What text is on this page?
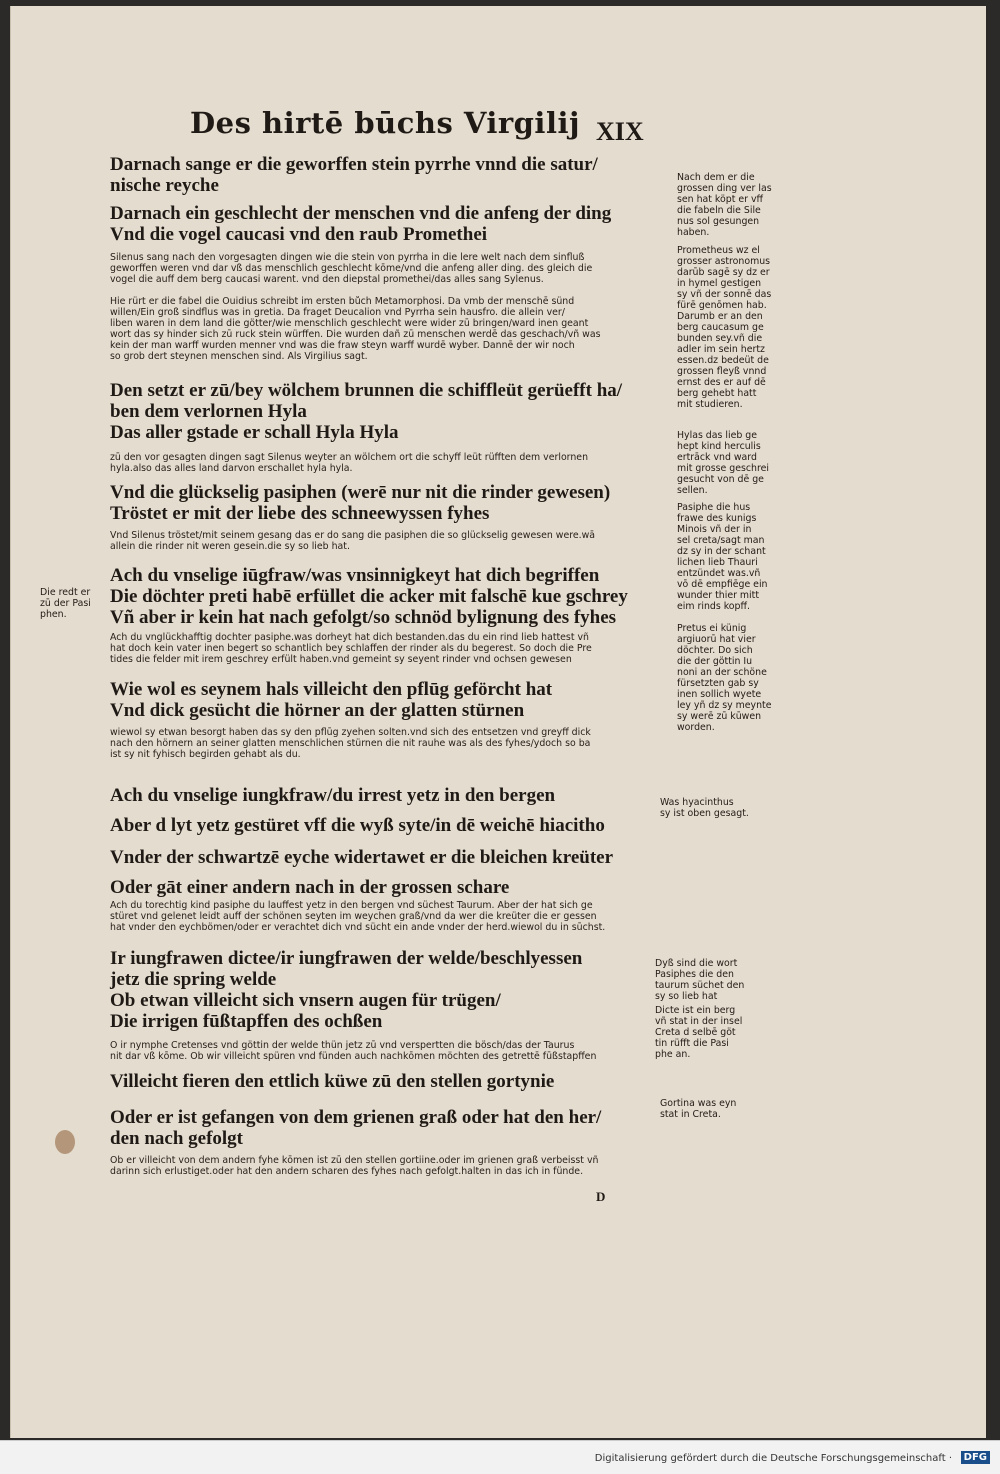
Des hirtē būchs Virgilij XIX
Darnach sange er die geworffen stein pyrrhe vnnd die satur/
nische reyche
Darnach ein geschlecht der menschen vnd die anfeng der ding
Vnd die vogel caucasi vnd den raub Promethei
Silenus sang nach den vorgesagten dingen wie die stein von pyrrha in die lere welt nach dem sinfluß
geworffen weren vnd dar vß das menschlich geschlecht kōme/vnd die anfeng aller ding. des gleich die
vogel die auff dem berg caucasi warent. vnd den diepstal promethei/das alles sang Sylenus.
Hie rürt er die fabel die Ouidius schreibt im ersten bůch Metamorphosi. Da vmb der menschē sünd
willen/Ein groß sindflus was in gretia. Da fraget Deucalion vnd Pyrrha sein hausfro. die allein ver/
liben waren in dem land die götter/wie menschlich geschlecht were wider zū bringen/ward inen geant
wort das sy hinder sich zū ruck stein würffen. Die wurden dañ zū menschen werdē das geschach/vñ was
kein der man warff wurden menner vnd was die fraw steyn warff wurdē wyber. Dannē der wir noch
so grob dert steynen menschen sind. Als Virgilius sagt.
Den setzt er zū/bey wölchem brunnen die schiffleüt gerüefft ha/
ben dem verlornen Hyla
Das aller gstade er schall Hyla Hyla
zū den vor gesagten dingen sagt Silenus weyter an wölchem ort die schyff leüt rüfften dem verlornen
hyla.also das alles land darvon erschallet hyla hyla.
Vnd die glückselig pasiphen (werē nur nit die rinder gewesen)
Tröstet er mit der liebe des schneewyssen fyhes
Vnd Silenus tröstet/mit seinem gesang das er do sang die pasiphen die so glückselig gewesen were.wā
allein die rinder nit weren gesein.die sy so lieb hat.
Ach du vnselige iūgfraw/was vnsinnigkeyt hat dich begriffen
Die döchter preti habē erfüllet die acker mit falschē kue gschrey
Vñ aber ir kein hat nach gefolgt/so schnöd bylignung des fyhes
Ach du vnglückhafftig dochter pasiphe.was dorheyt hat dich bestanden.das du ein rind lieb hattest vñ
hat doch kein vater inen begert so schantlich bey schlaffen der rinder als du begerest. So doch die Pre
tides die felder mit irem geschrey erfült haben.vnd gemeint sy seyent rinder vnd ochsen gewesen
Wie wol es seynem hals villeicht den pflūg geförcht hat
Vnd dick gesücht die hörner an der glatten stürnen
wiewol sy etwan besorgt haben das sy den pflūg zyehen solten.vnd sich des entsetzen vnd greyff dick
nach den hörnern an seiner glatten menschlichen stürnen die nit rauhe was als des fyhes/ydoch so ba
ist sy nit fyhisch begirden gehabt als du.
Ach du vnselige iungkfraw/du irrest yetz in den bergen
Aber d lyt yetz gestüret vff die wyß syte/in dē weichē hiacitho
Vnder der schwartzē eyche widertawet er die bleichen kreüter
Oder gāt einer andern nach in der grossen schare
Ach du torechtig kind pasiphe du lauffest yetz in den bergen vnd süchest Taurum. Aber der hat sich ge
stüret vnd gelenet leidt auff der schönen seyten im weychen graß/vnd da wer die kreüter die er gessen
hat vnder den eychbömen/oder er verachtet dich vnd sücht ein ande vnder der herd.wiewol du in sūchst.
Ir iungfrawen dictee/ir iungfrawen der welde/beschlyessen
jetz die spring welde
Ob etwan villeicht sich vnsern augen für trügen/
Die irrigen fūßtapffen des ochßen
O ir nymphe Cretenses vnd göttin der welde thün jetz zū vnd verspertten die bösch/das der Taurus
nit dar vß kōme. Ob wir villeicht spüren vnd fünden auch nachkōmen möchten des getrettē fūßstapffen
Villeicht fieren den ettlich küwe zū den stellen gortynie
Oder er ist gefangen von dem grienen graß oder hat den her/
den nach gefolgt
Ob er villeicht von dem andern fyhe kōmen ist zū den stellen gortiine.oder im grienen graß verbeisst vñ
darinn sich erlustiget.oder hat den andern scharen des fyhes nach gefolgt.halten in das ich in fünde.
D
Nach dem er die
grossen ding ver las
sen hat köpt er vff
die fabeln die Sile
nus sol gesungen
haben.
Prometheus wz el
grosser astronomus
darūb sagē sy dz er
in hymel gestigen
sy vñ der sonnē das
fürē genōmen hab.
Darumb er an den
berg caucasum ge
bunden sey.vñ die
adler im sein hertz
essen.dz bedeüt de
grossen fleyß vnnd
ernst des er auf dē
berg gehebt hatt
mit studieren.
Hylas das lieb ge
hept kind herculis
ertrāck vnd ward
mit grosse geschrei
gesucht von dē ge
sellen.
Pasiphe die hus
frawe des kunigs
Minois vñ der in
sel creta/sagt man
dz sy in der schant
lichen lieb Thauri
entzündet was.vñ
vō dē empfiēge ein
wunder thier mitt
eim rinds kopff.
Pretus ei künig
argiuorū hat vier
döchter. Do sich
die der göttin Iu
noni an der schöne
fürsetzten gab sy
inen sollich wyete
ley yñ dz sy meynte
sy werē zū kūwen
worden.
Die redt er
zū der Pasi
phen.
Was hyacinthus
sy ist oben gesagt.
Dyß sind die wort
Pasiphes die den
taurum süchet den
sy so lieb hat
Dicte ist ein berg
vñ stat in der insel
Creta d selbē göt
tin rüfft die Pasi
phe an.
Gortina was eyn
stat in Creta.
Digitalisierung gefördert durch die Deutsche Forschungsgemeinschaft ·	DFG
